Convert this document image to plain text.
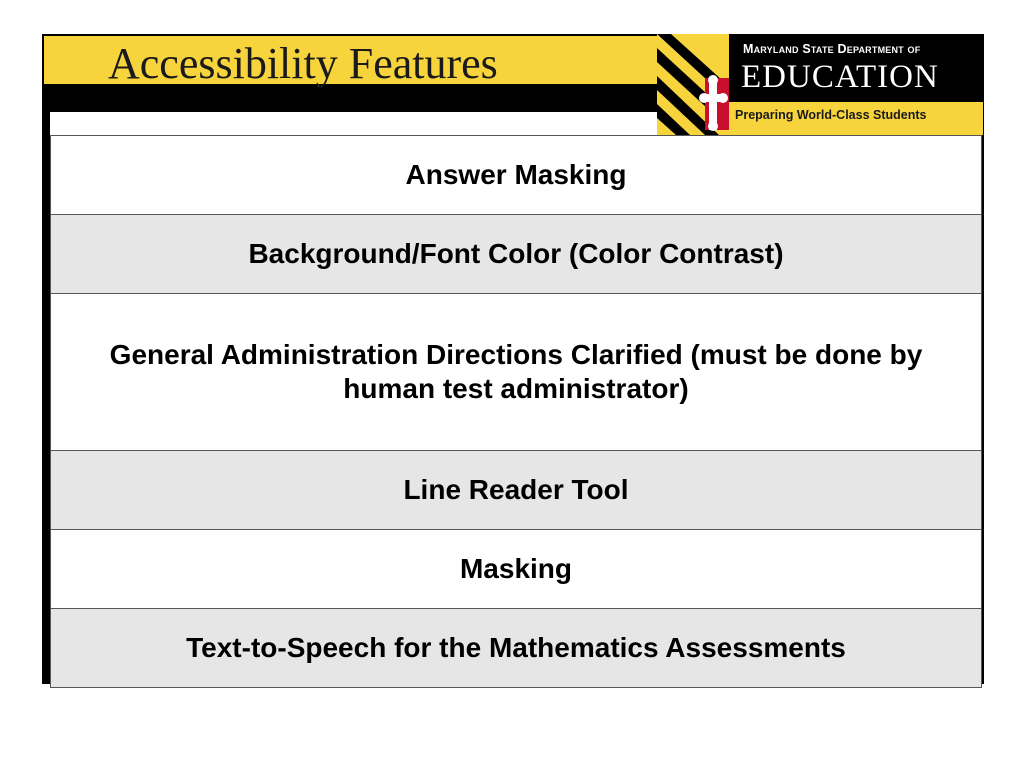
Accessibility Features	Maryland State Department of

EDUCATION

Preparing World-Class Students

Answer Masking
Background/Font Color (Color Contrast)
General Administration Directions Clarified (must be done by human test administrator)
Line Reader Tool
Masking
Text-to-Speech for the Mathematics Assessments
